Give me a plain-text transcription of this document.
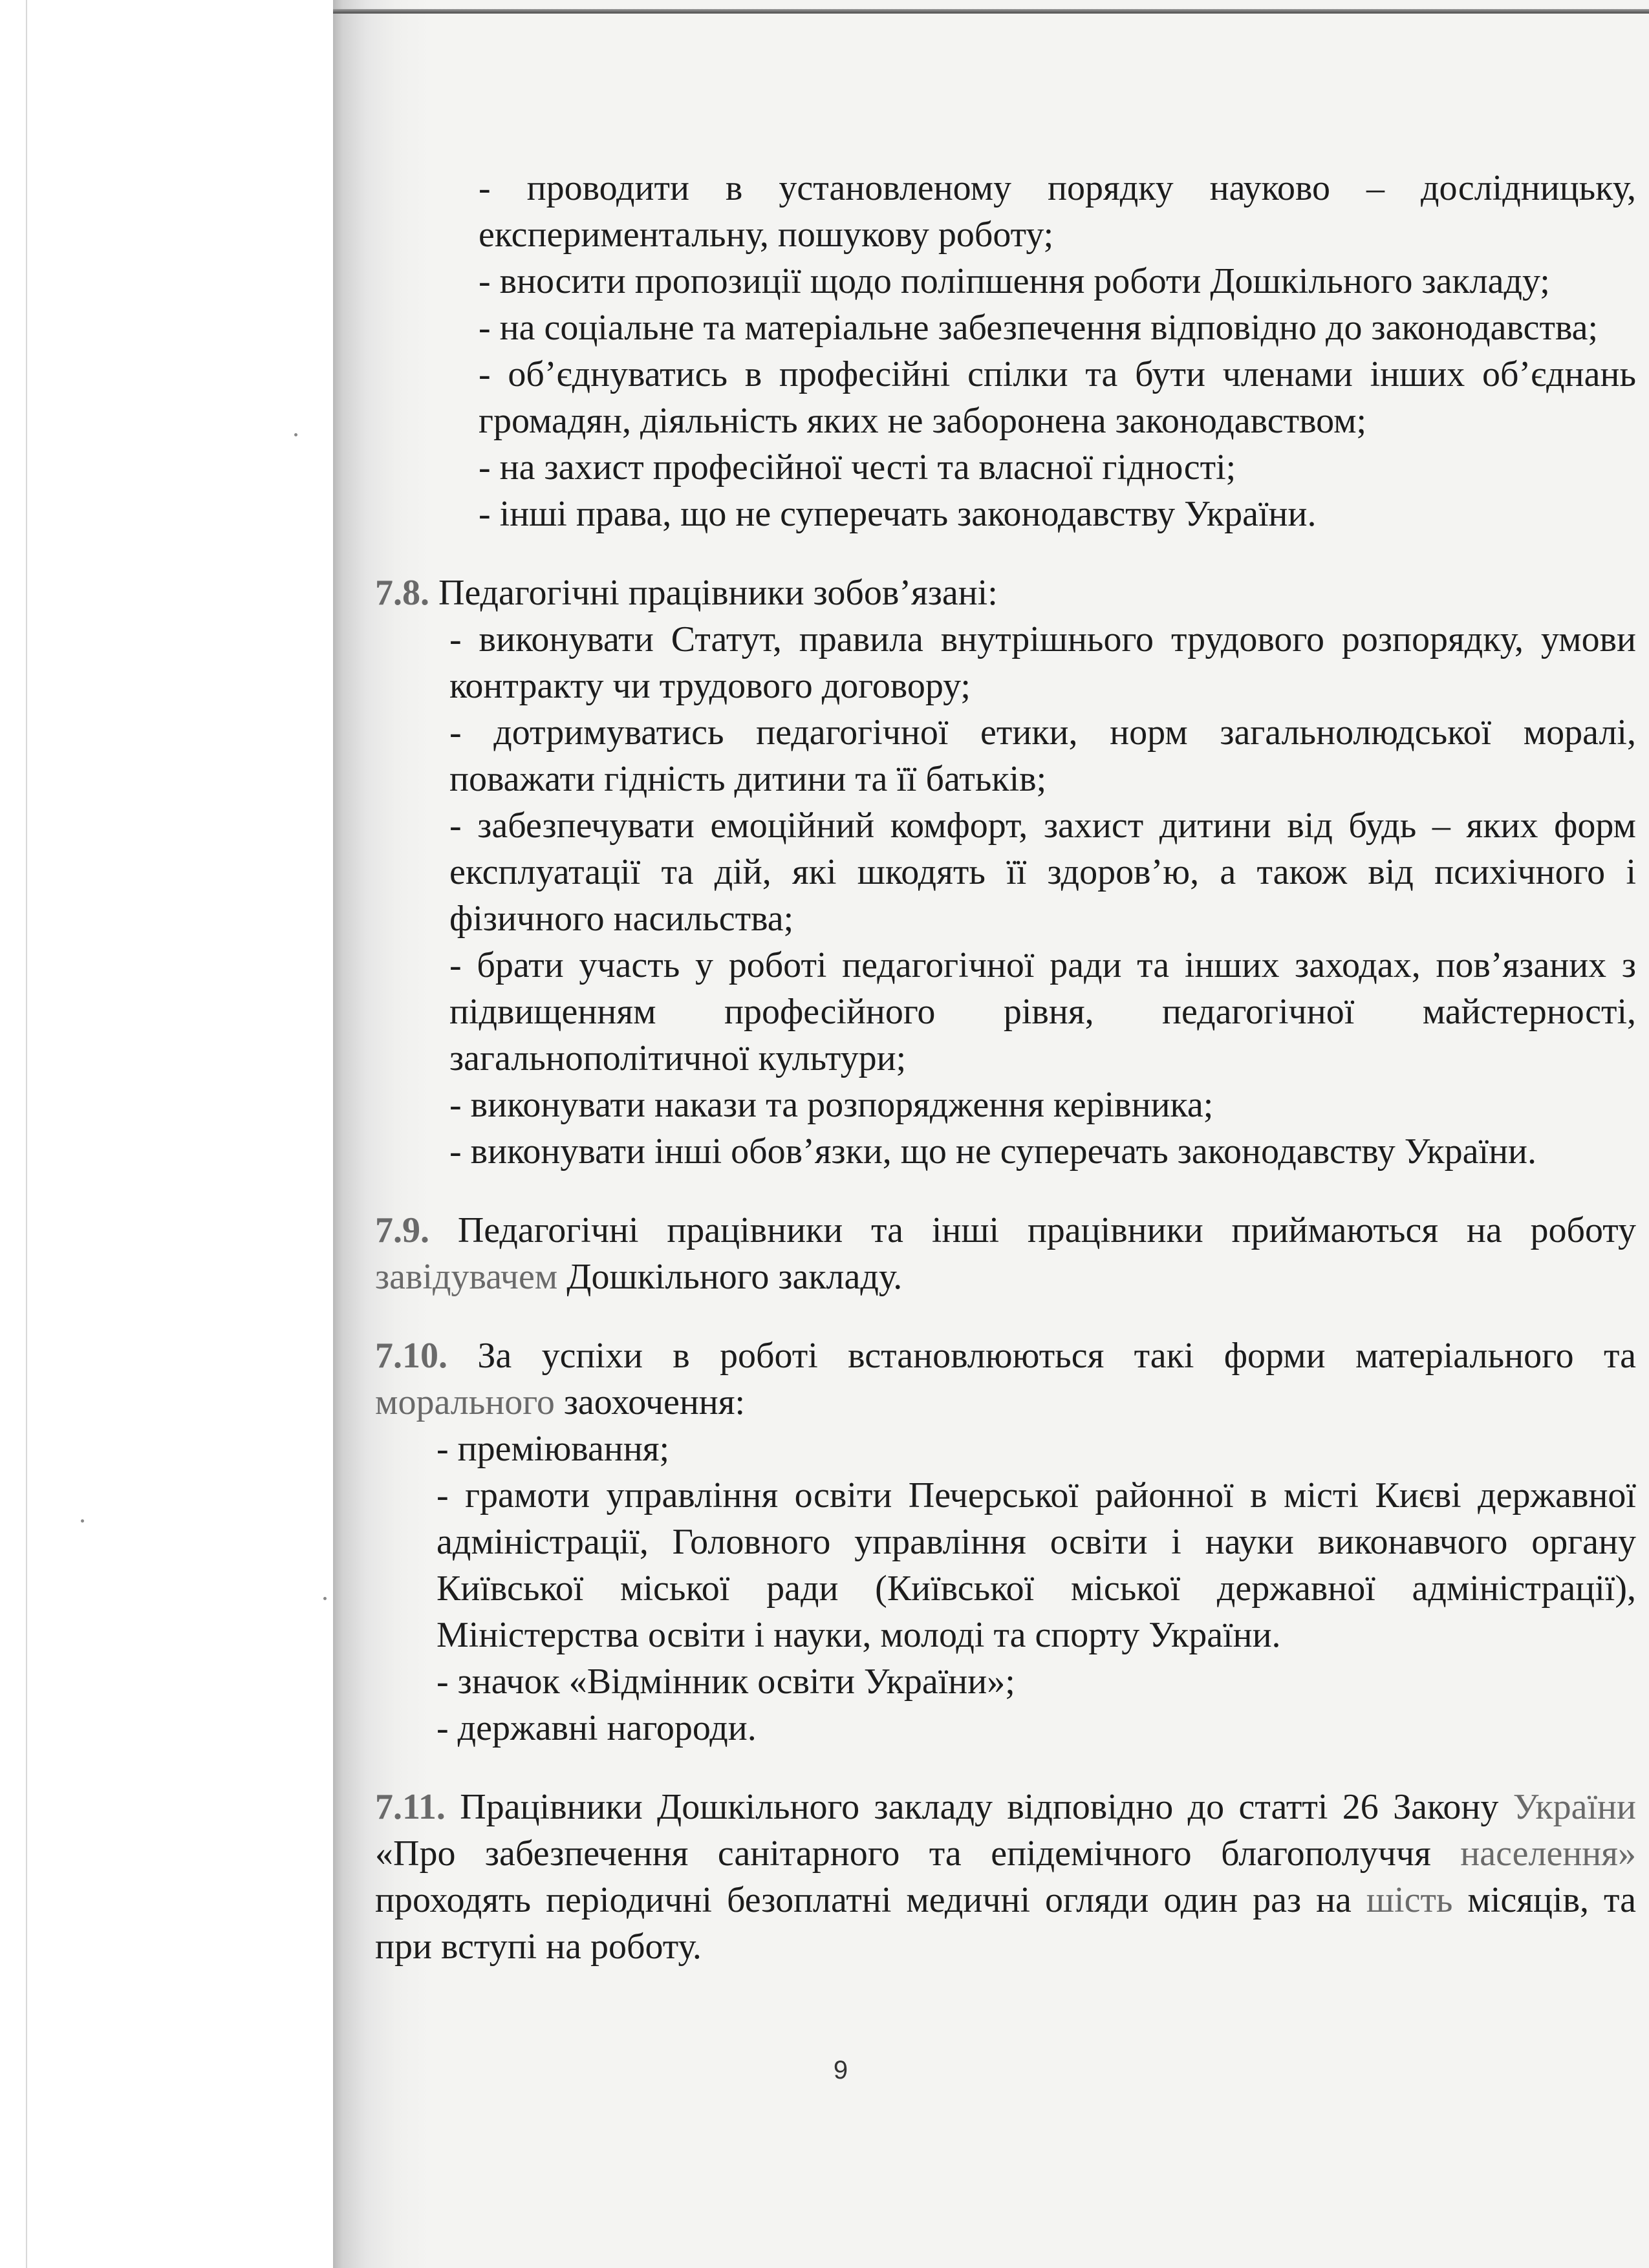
- проводити в установленому порядку науково – дослідницьку, експериментальну, пошукову роботу;

- вносити пропозиції щодо поліпшення роботи Дошкільного закладу;

- на соціальне та матеріальне забезпечення відповідно до законодавства;

- об’єднуватись в професійні спілки та бути членами інших об’єднань громадян, діяльність яких не заборонена законодавством;

- на захист професійної честі та власної гідності;

- інші права, що не суперечать законодавству України.

7.8. Педагогічні працівники зобов’язані:

- виконувати Статут, правила внутрішнього трудового розпорядку, умови контракту чи трудового договору;

- дотримуватись педагогічної етики, норм загальнолюдської моралі, поважати гідність дитини та її батьків;

- забезпечувати емоційний комфорт, захист дитини від будь – яких форм експлуатації та дій, які шкодять її здоров’ю, а також від психічного і фізичного насильства;

- брати участь у роботі педагогічної ради та інших заходах, пов’язаних з підвищенням професійного рівня, педагогічної майстерності, загальнополітичної культури;

- виконувати накази та розпорядження керівника;

- виконувати інші обов’язки, що не суперечать законодавству України.

7.9. Педагогічні працівники та інші працівники приймаються на роботу завідувачем Дошкільного закладу.

7.10. За успіхи в роботі встановлюються такі форми матеріального та морального заохочення:

- преміювання;

- грамоти управління освіти Печерської районної в місті Києві державної адміністрації, Головного управління освіти і науки виконавчого органу Київської міської ради (Київської міської державної адміністрації), Міністерства освіти і науки, молоді та спорту України.

- значок «Відмінник освіти України»;

- державні нагороди.

7.11. Працівники Дошкільного закладу відповідно до статті 26 Закону України «Про забезпечення санітарного та епідемічного благополуччя населення» проходять періодичні безоплатні медичні огляди один раз на шість місяців, та при вступі на роботу.

9
